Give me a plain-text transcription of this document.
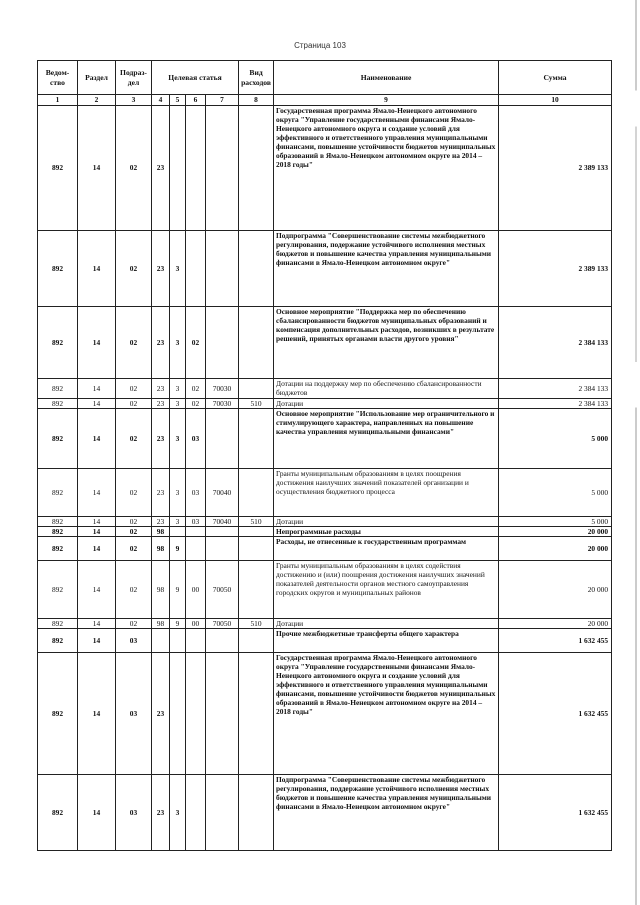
Страница 103
Ведом-ство	Раздел	Подраз-дел	Целевая статья				Вид расходов	Наименование	Сумма
1	2	3	4	5	6	7	8	9	10
892	14	02	23					Государственная программа Ямало-Ненецкого автономного округа "Управление государственными финансами Ямало-Ненецкого автономного округа и создание условий для эффективного и ответственного управления муниципальными финансами, повышение устойчивости бюджетов муниципальных образований в Ямало-Ненецком автономном округе на 2014 – 2018 годы"	2 389 133
892	14	02	23	3				Подпрограмма "Совершенствование системы межбюджетного регулирования, подержание устойчивого исполнения местных бюджетов и повышение качества управления муниципальными финансами в Ямало-Ненецком автономном округе"	2 389 133
892	14	02	23	3	02			Основное мероприятие "Поддержка мер по обеспечению сбалансированности бюджетов муниципальных образований и компенсация дополнительных расходов, возникших в результате решений, принятых органами власти другого уровня"	2 384 133
892	14	02	23	3	02	70030		Дотации на поддержку мер по обеспечению сбалансированности бюджетов	2 384 133
892	14	02	23	3	02	70030	510	Дотации	2 384 133
892	14	02	23	3	03			Основное мероприятие "Использование мер ограничительного и стимулирующего характера, направленных на повышение качества управления муниципальными финансами"	5 000
892	14	02	23	3	03	70040		Гранты муниципальным образованиям в целях поощрения достижения наилучших значений показателей организации и осуществления бюджетного процесса	5 000
892	14	02	23	3	03	70040	510	Дотации	5 000
892	14	02	98					Непрограммные расходы	20 000
892	14	02	98	9				Расходы, не отнесенные к государственным программам	20 000
892	14	02	98	9	00	70050		Гранты муниципальным образованиям в целях содействия достижению и (или) поощрения достижения наилучших значений показателей деятельности органов местного самоуправления городских округов и муниципальных районов	20 000
892	14	02	98	9	00	70050	510	Дотации	20 000
892	14	03						Прочие межбюджетные трансферты общего характера	1 632 455
892	14	03	23					Государственная программа Ямало-Ненецкого автономного округа "Управление государственными финансами Ямало-Ненецкого автономного округа и создание условий для эффективного и ответственного управления муниципальными финансами, повышение устойчивости бюджетов муниципальных образований в Ямало-Ненецком автономном округе на 2014 – 2018 годы"	1 632 455
892	14	03	23	3				Подпрограмма "Совершенствование системы межбюджетного регулирования, поддержание устойчивого исполнения местных бюджетов и повышение качества управления муниципальными финансами в Ямало-Ненецком автономном округе"	1 632 455
